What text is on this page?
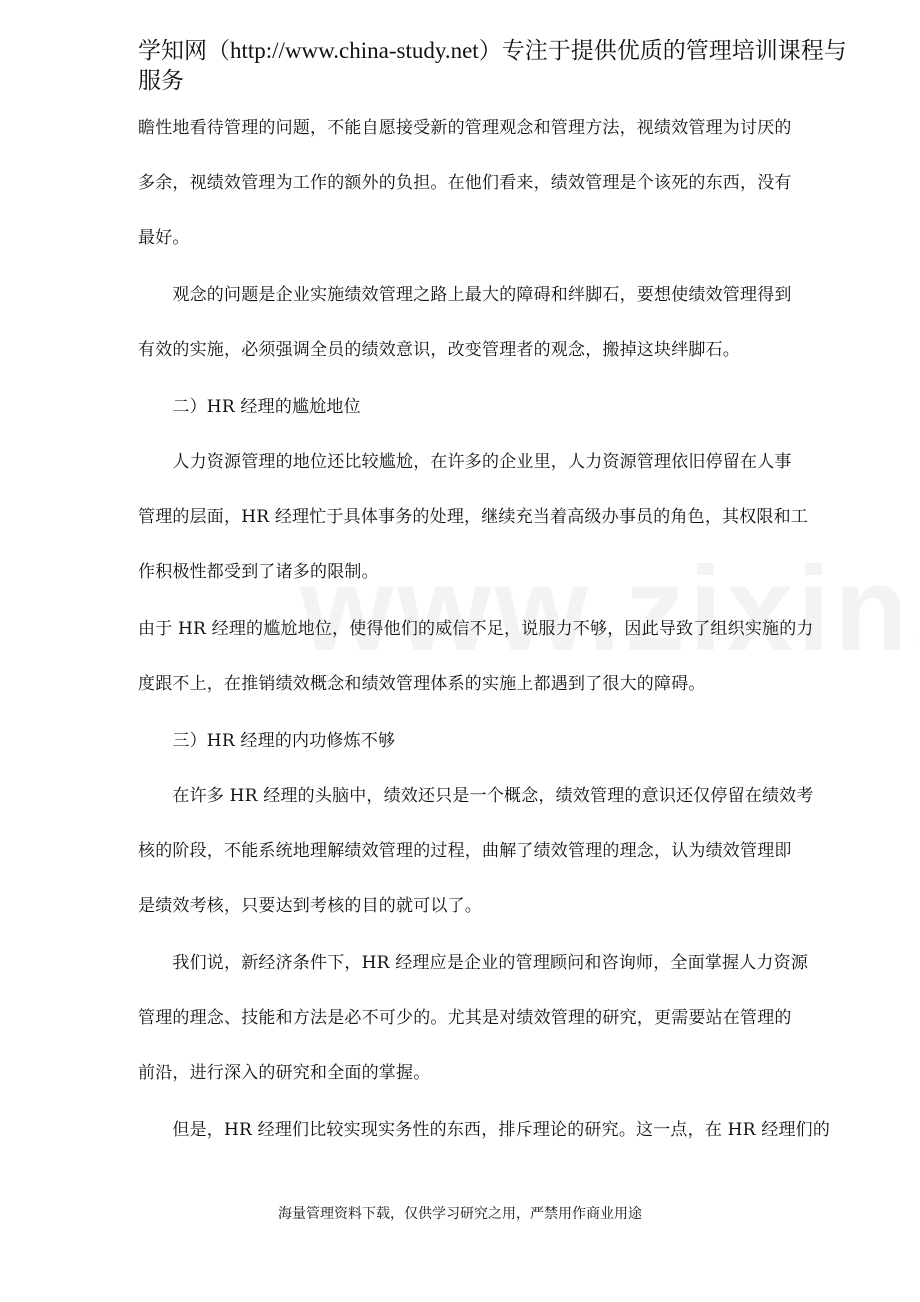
学知网（http://www.china-study.net）专注于提供优质的管理培训课程与
服务

瞻性地看待管理的问题，不能自愿接受新的管理观念和管理方法，视绩效管理为讨厌的

多余，视绩效管理为工作的额外的负担。在他们看来，绩效管理是个该死的东西，没有

最好。

　　观念的问题是企业实施绩效管理之路上最大的障碍和绊脚石，要想使绩效管理得到

有效的实施，必须强调全员的绩效意识，改变管理者的观念，搬掉这块绊脚石。

　　二）HR 经理的尴尬地位

　　人力资源管理的地位还比较尴尬，在许多的企业里，人力资源管理依旧停留在人事

管理的层面，HR 经理忙于具体事务的处理，继续充当着高级办事员的角色，其权限和工

作积极性都受到了诸多的限制。

由于 HR 经理的尴尬地位，使得他们的威信不足，说服力不够，因此导致了组织实施的力

度跟不上，在推销绩效概念和绩效管理体系的实施上都遇到了很大的障碍。

　　三）HR 经理的内功修炼不够

　　在许多 HR 经理的头脑中，绩效还只是一个概念，绩效管理的意识还仅停留在绩效考

核的阶段，不能系统地理解绩效管理的过程，曲解了绩效管理的理念，认为绩效管理即

是绩效考核，只要达到考核的目的就可以了。

　　我们说，新经济条件下，HR 经理应是企业的管理顾问和咨询师，全面掌握人力资源

管理的理念、技能和方法是必不可少的。尤其是对绩效管理的研究，更需要站在管理的

前沿，进行深入的研究和全面的掌握。

　　但是，HR 经理们比较实现实务性的东西，排斥理论的研究。这一点，在 HR 经理们的

海量管理资料下载，仅供学习研究之用，严禁用作商业用途
